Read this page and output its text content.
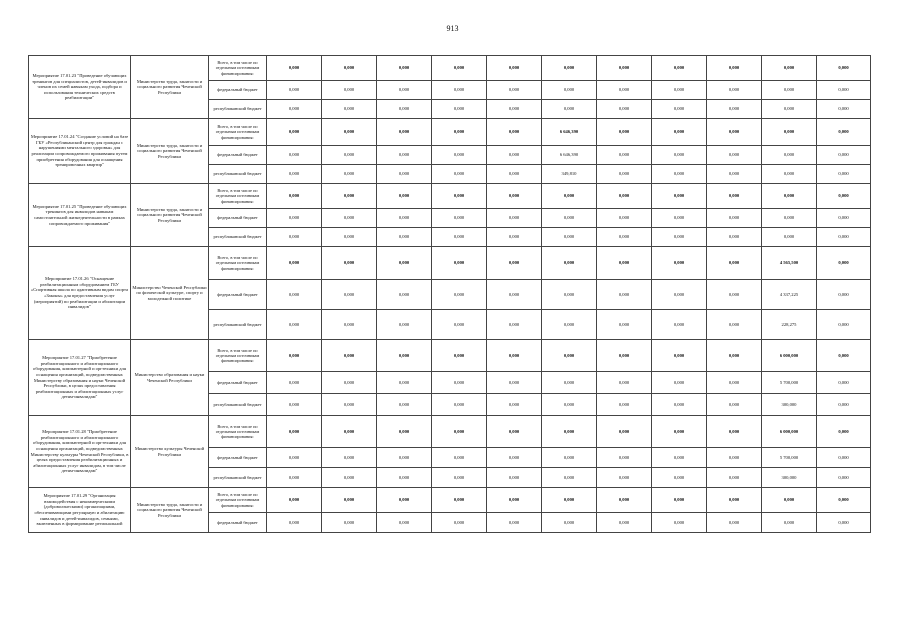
913
Мероприятие 17.01.23 "Проведение обучающих тренингов для специалистов, детей-инвалидов и членов их семей навыкам ухода, подбора и использования технических средств реабилитации"	Министерство труда, занятости и социального развития Чеченской Республики	Всего, в том числе по отдельным источникам финансирования:	0,000	0,000	0,000	0,000	0,000	0,000	0,000	0,000	0,000	0,000	0,000
		федеральный бюджет	0,000	0,000	0,000	0,000	0,000	0,000	0,000	0,000	0,000	0,000	0,000
		республиканский бюджет	0,000	0,000	0,000	0,000	0,000	0,000	0,000	0,000	0,000	0,000	0,000
Мероприятие 17.01.24 "Создание условий на базе ГБУ «Республиканский центр для граждан с нарушениями ментального здоровья» для реализации сопровождаемого проживания путем приобретения оборудования для оснащения тренировочных квартир"	Министерство труда, занятости и социального развития Чеченской Республики	Всего, в том числе по отдельным источникам финансирования:	0,000	0,000	0,000	0,000	0,000	6 646,390	0,000	0,000	0,000	0,000	0,000
		федеральный бюджет	0,000	0,000	0,000	0,000	0,000	6 646,390	0,000	0,000	0,000	0,000	0,000
		республиканский бюджет	0,000	0,000	0,000	0,000	0,000	349,810	0,000	0,000	0,000	0,000	0,000
Мероприятие 17.01.25 "Проведение обучающих тренингов для инвалидов навыкам самостоятельной жизнедеятельности в рамках сопровождаемого проживания"	Министерство труда, занятости и социального развития Чеченской Республики	Всего, в том числе по отдельным источникам финансирования:	0,000	0,000	0,000	0,000	0,000	0,000	0,000	0,000	0,000	0,000	0,000
		федеральный бюджет	0,000	0,000	0,000	0,000	0,000	0,000	0,000	0,000	0,000	0,000	0,000
		республиканский бюджет	0,000	0,000	0,000	0,000	0,000	0,000	0,000	0,000	0,000	0,000	0,000
Мероприятие 17.01.26 "Оснащение реабилитационным оборудованием ГБУ «Спортивная школа по адаптивным видам спорта «Законы» для предоставления услуг (мероприятий) по реабилитации и абилитации инвалидов"	Министерство Чеченской Республики по физической культуре, спорту и молодежной политике	Всего, в том числе по отдельным источникам финансирования:	0,000	0,000	0,000	0,000	0,000	0,000	0,000	0,000	0,000	4 565,500	0,000
		федеральный бюджет	0,000	0,000	0,000	0,000	0,000	0,000	0,000	0,000	0,000	4 337,225	0,000
		республиканский бюджет	0,000	0,000	0,000	0,000	0,000	0,000	0,000	0,000	0,000	228,275	0,000
Мероприятие 17.01.27 "Приобретение реабилитационного и абилитационного оборудования, компьютерной и оргтехники для оснащения организаций, подведомственных Министерству образования и науки Чеченской Республики, в целях предоставления реабилитационных и абилитационных услуг детям-инвалидам"	Министерство образования и науки Чеченской Республики	Всего, в том числе по отдельным источникам финансирования:	0,000	0,000	0,000	0,000	0,000	0,000	0,000	0,000	0,000	6 000,000	0,000
		федеральный бюджет	0,000	0,000	0,000	0,000	0,000	0,000	0,000	0,000	0,000	5 700,000	0,000
		республиканский бюджет	0,000	0,000	0,000	0,000	0,000	0,000	0,000	0,000	0,000	300,000	0,000
Мероприятие 17.01.28 "Приобретение реабилитационного и абилитационного оборудования, компьютерной и оргтехники для оснащения организаций, подведомственных Министерству культуры Чеченской Республики, в целях предоставления реабилитационных и абилитационных услуг инвалидам, в том числе детям-инвалидам"	Министерство культуры Чеченской Республики	Всего, в том числе по отдельным источникам финансирования:	0,000	0,000	0,000	0,000	0,000	0,000	0,000	0,000	0,000	6 000,000	0,000
		федеральный бюджет	0,000	0,000	0,000	0,000	0,000	0,000	0,000	0,000	0,000	5 700,000	0,000
		республиканский бюджет	0,000	0,000	0,000	0,000	0,000	0,000	0,000	0,000	0,000	300,000	0,000
Мероприятие 17.01.29 "Организация взаимодействия с некоммерческими (добровольческими) организациями, обеспечивающими регулярную и абилитацию инвалидов и детей-инвалидов, семьями, включенных в формирование региональной	Министерство труда, занятости и социального развития Чеченской Республики	Всего, в том числе по отдельным источникам финансирования:	0,000	0,000	0,000	0,000	0,000	0,000	0,000	0,000	0,000	0,000	0,000
		федеральный бюджет	0,000	0,000	0,000	0,000	0,000	0,000	0,000	0,000	0,000	0,000	0,000
